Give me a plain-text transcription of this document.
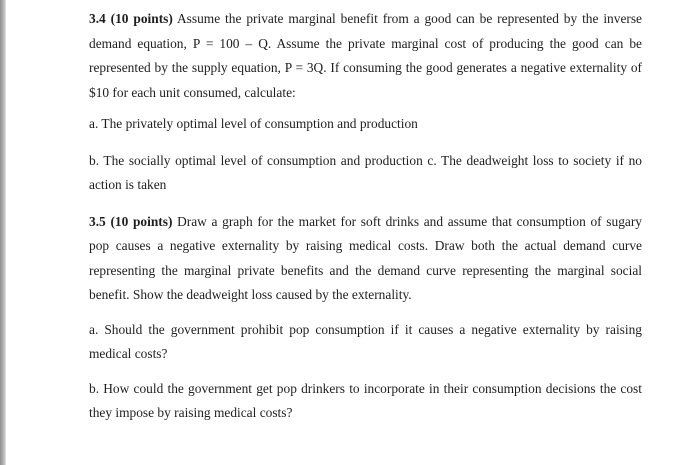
3.4 (10 points) Assume the private marginal benefit from a good can be represented by the inverse demand equation, P = 100 – Q. Assume the private marginal cost of producing the good can be represented by the supply equation, P = 3Q. If consuming the good generates a negative externality of $10 for each unit consumed, calculate:

a. The privately optimal level of consumption and production

b. The socially optimal level of consumption and production c. The deadweight loss to society if no action is taken

3.5 (10 points) Draw a graph for the market for soft drinks and assume that consumption of sugary pop causes a negative externality by raising medical costs. Draw both the actual demand curve representing the marginal private benefits and the demand curve representing the marginal social benefit. Show the deadweight loss caused by the externality.

a. Should the government prohibit pop consumption if it causes a negative externality by raising medical costs?

b. How could the government get pop drinkers to incorporate in their consumption decisions the cost they impose by raising medical costs?
